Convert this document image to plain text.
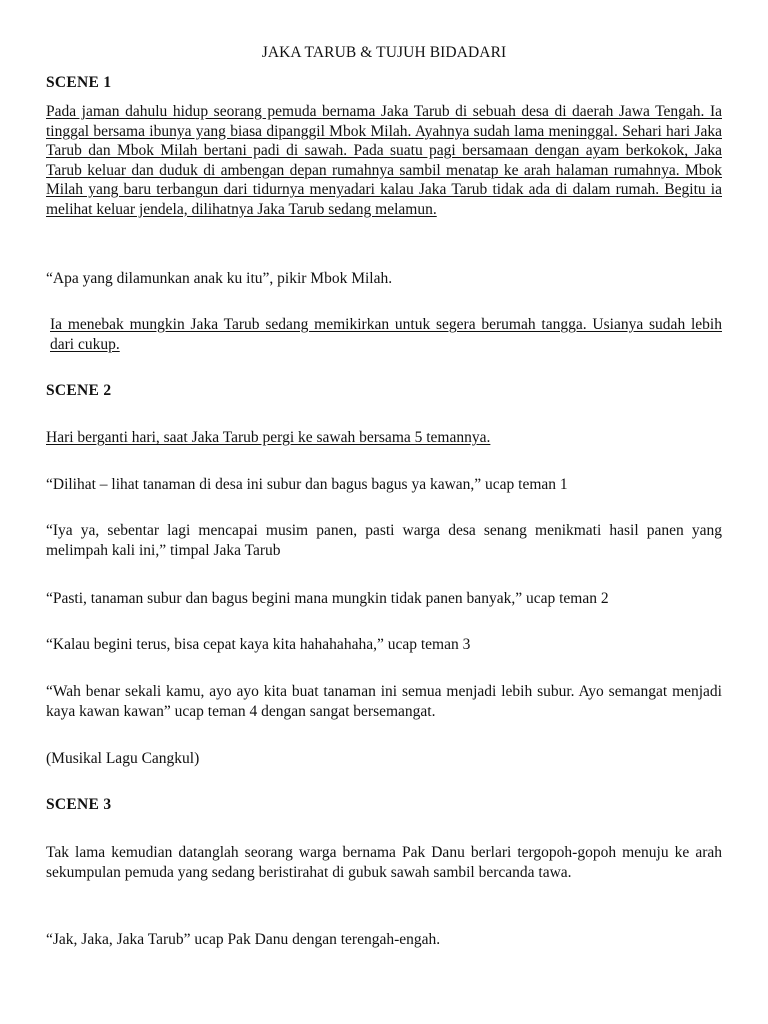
JAKA TARUB & TUJUH BIDADARI
SCENE 1
Pada jaman dahulu hidup seorang pemuda bernama Jaka Tarub di sebuah desa di daerah Jawa Tengah. Ia tinggal bersama ibunya yang biasa dipanggil Mbok Milah. Ayahnya sudah lama meninggal. Sehari hari Jaka Tarub dan Mbok Milah bertani padi di sawah. Pada suatu pagi bersamaan dengan ayam berkokok, Jaka Tarub keluar dan duduk di ambengan depan rumahnya sambil menatap ke arah halaman rumahnya. Mbok Milah yang baru terbangun dari tidurnya menyadari kalau Jaka Tarub tidak ada di dalam rumah. Begitu ia melihat keluar jendela, dilihatnya Jaka Tarub sedang melamun.
“Apa yang dilamunkan anak ku itu”, pikir Mbok Milah.
Ia menebak mungkin Jaka Tarub sedang memikirkan untuk segera berumah tangga. Usianya sudah lebih dari cukup.
SCENE 2
Hari berganti hari, saat Jaka Tarub pergi ke sawah bersama 5 temannya.
“Dilihat – lihat tanaman di desa ini subur dan bagus bagus ya kawan,” ucap teman 1
“Iya ya, sebentar lagi mencapai musim panen, pasti warga desa senang menikmati hasil panen yang melimpah kali ini,” timpal Jaka Tarub
“Pasti, tanaman subur dan bagus begini mana mungkin tidak panen banyak,” ucap teman 2
“Kalau begini terus, bisa cepat kaya kita hahahahaha,” ucap teman 3
“Wah benar sekali kamu, ayo ayo kita buat tanaman ini semua menjadi lebih subur. Ayo semangat menjadi kaya kawan kawan” ucap teman 4 dengan sangat bersemangat.
(Musikal Lagu Cangkul)
SCENE 3
Tak lama kemudian datanglah seorang warga bernama Pak Danu berlari tergopoh-gopoh menuju ke arah sekumpulan pemuda yang sedang beristirahat di gubuk sawah sambil bercanda tawa.
“Jak, Jaka, Jaka Tarub” ucap Pak Danu dengan terengah-engah.
